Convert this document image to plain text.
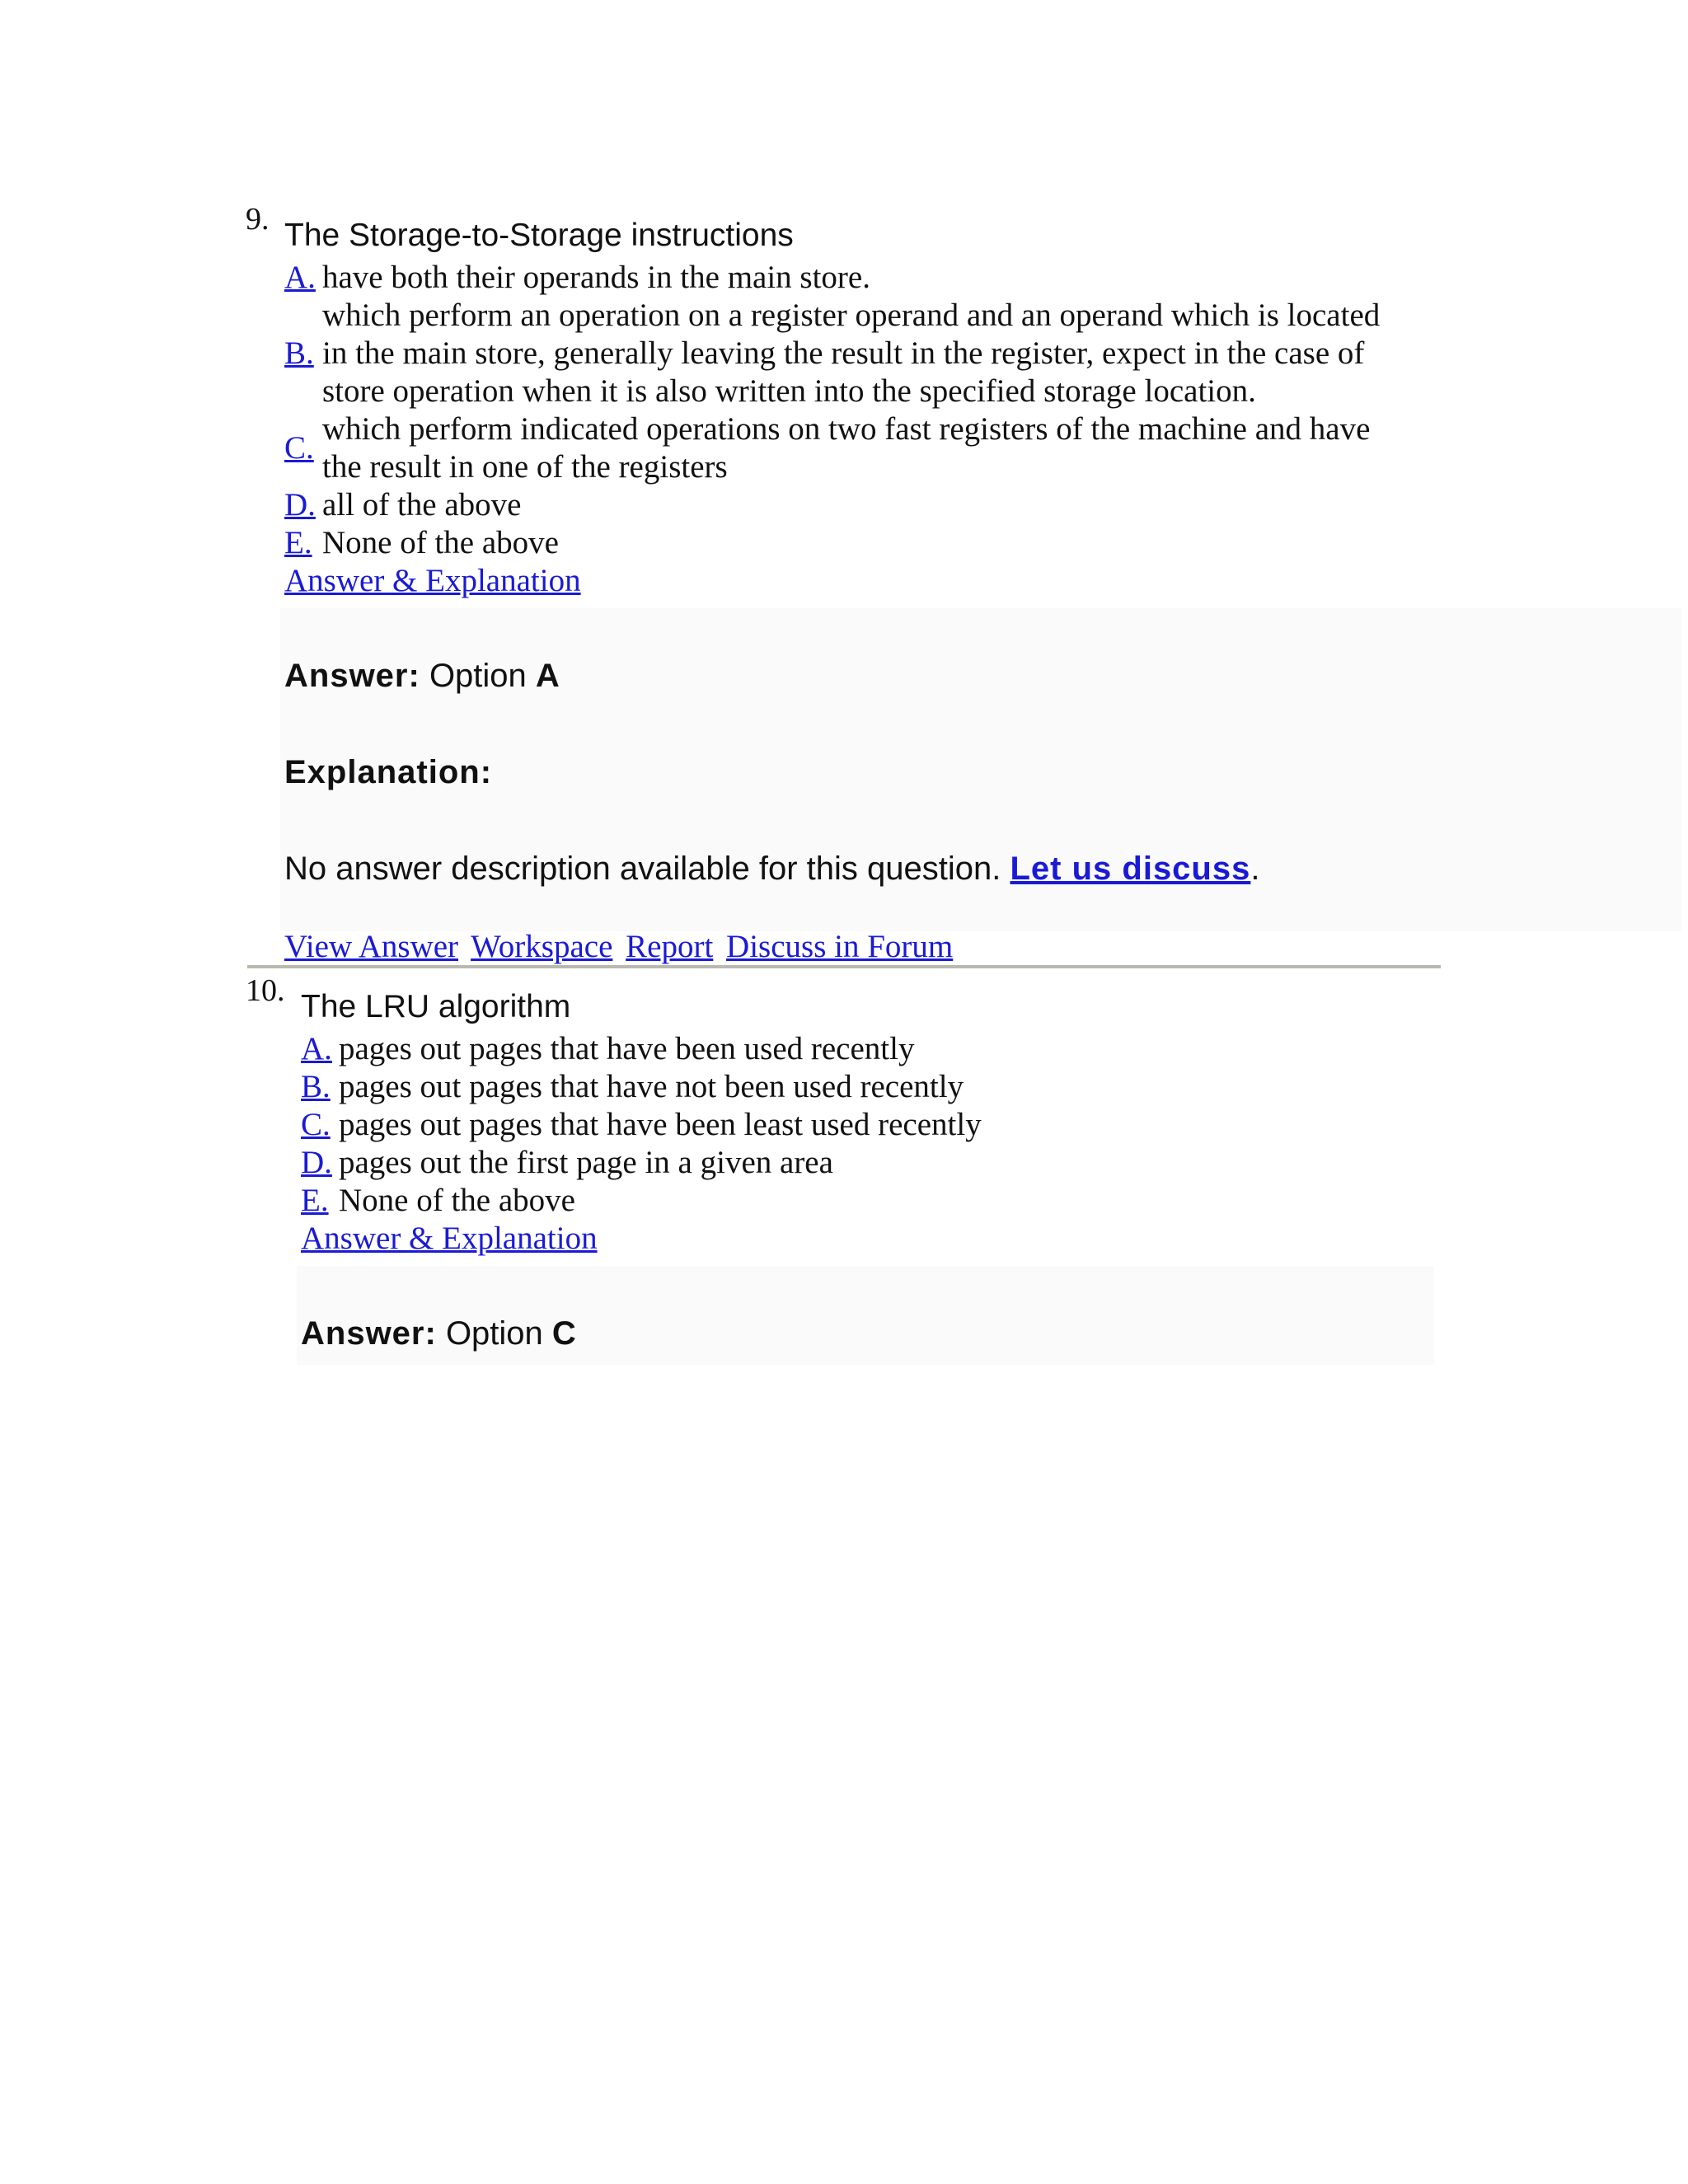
9. The Storage-to-Storage instructions
A. have both their operands in the main store.
B.
which perform an operation on a register operand and an operand which is located
in the main store, generally leaving the result in the register, expect in the case of
store operation when it is also written into the specified storage location.
C.
which perform indicated operations on two fast registers of the machine and have
the result in one of the registers
D. all of the above
E. None of the above
Answer & Explanation
Answer: Option A
Explanation:
No answer description available for this question. Let us discuss.
View Answer Workspace Report Discuss in Forum
10. The LRU algorithm
A. pages out pages that have been used recently
B. pages out pages that have not been used recently
C. pages out pages that have been least used recently
D. pages out the first page in a given area
E. None of the above
Answer & Explanation
Answer: Option C
